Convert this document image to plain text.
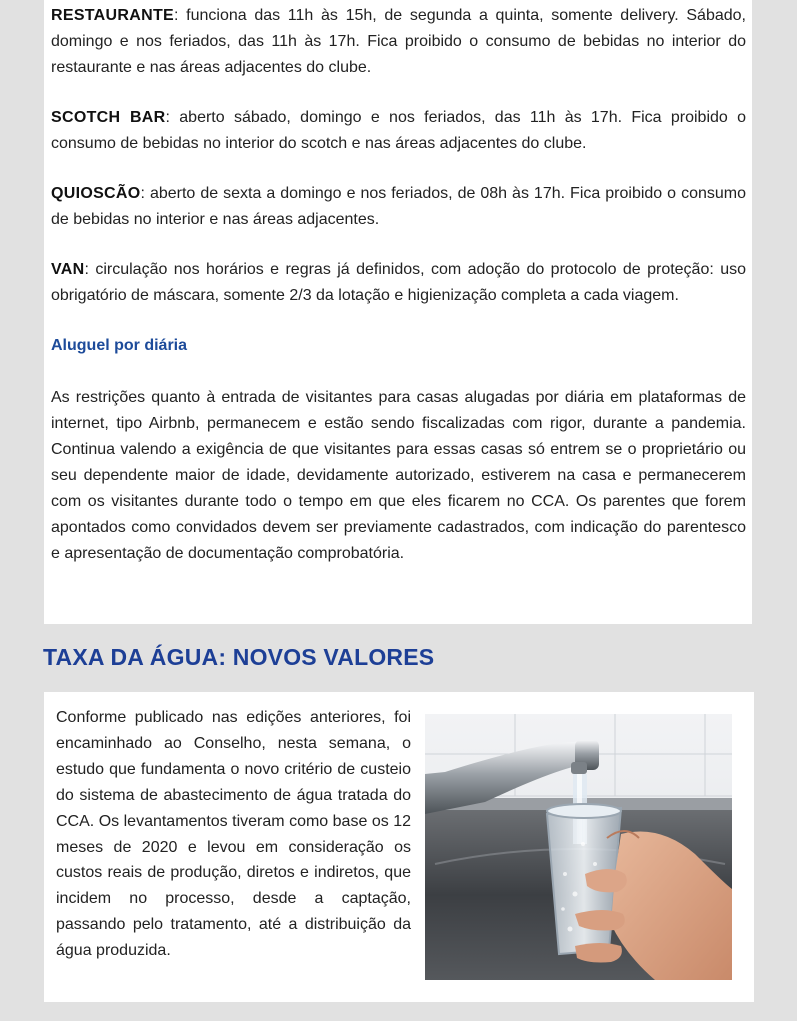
RESTAURANTE: funciona das 11h às 15h, de segunda a quinta, somente delivery. Sábado, domingo e nos feriados, das 11h às 17h. Fica proibido o consumo de bebidas no interior do restaurante e nas áreas adjacentes do clube.

SCOTCH BAR: aberto sábado, domingo e nos feriados, das 11h às 17h. Fica proibido o consumo de bebidas no interior do scotch e nas áreas adjacentes do clube.

QUIOSCÃO: aberto de sexta a domingo e nos feriados, de 08h às 17h. Fica proibido o consumo de bebidas no interior e nas áreas adjacentes.

VAN: circulação nos horários e regras já definidos, com adoção do protocolo de proteção: uso obrigatório de máscara, somente 2/3 da lotação e higienização completa a cada viagem.

Aluguel por diária

As restrições quanto à entrada de visitantes para casas alugadas por diária em plataformas de internet, tipo Airbnb, permanecem e estão sendo fiscalizadas com rigor, durante a pandemia. Continua valendo a exigência de que visitantes para essas casas só entrem se o proprietário ou seu dependente maior de idade, devidamente autorizado, estiverem na casa e permanecerem com os visitantes durante todo o tempo em que eles ficarem no CCA. Os parentes que forem apontados como convidados devem ser previamente cadastrados, com indicação do parentesco e apresentação de documentação comprobatória.

TAXA DA ÁGUA: NOVOS VALORES

Conforme publicado nas edições anteriores, foi encaminhado ao Conselho, nesta semana, o estudo que fundamenta o novo critério de custeio do sistema de abastecimento de água tratada do CCA. Os levantamentos tiveram como base os 12 meses de 2020 e levou em consideração os custos reais de produção, diretos e indiretos, que incidem no processo, desde a captação, passando pelo tratamento, até a distribuição da água produzida.
